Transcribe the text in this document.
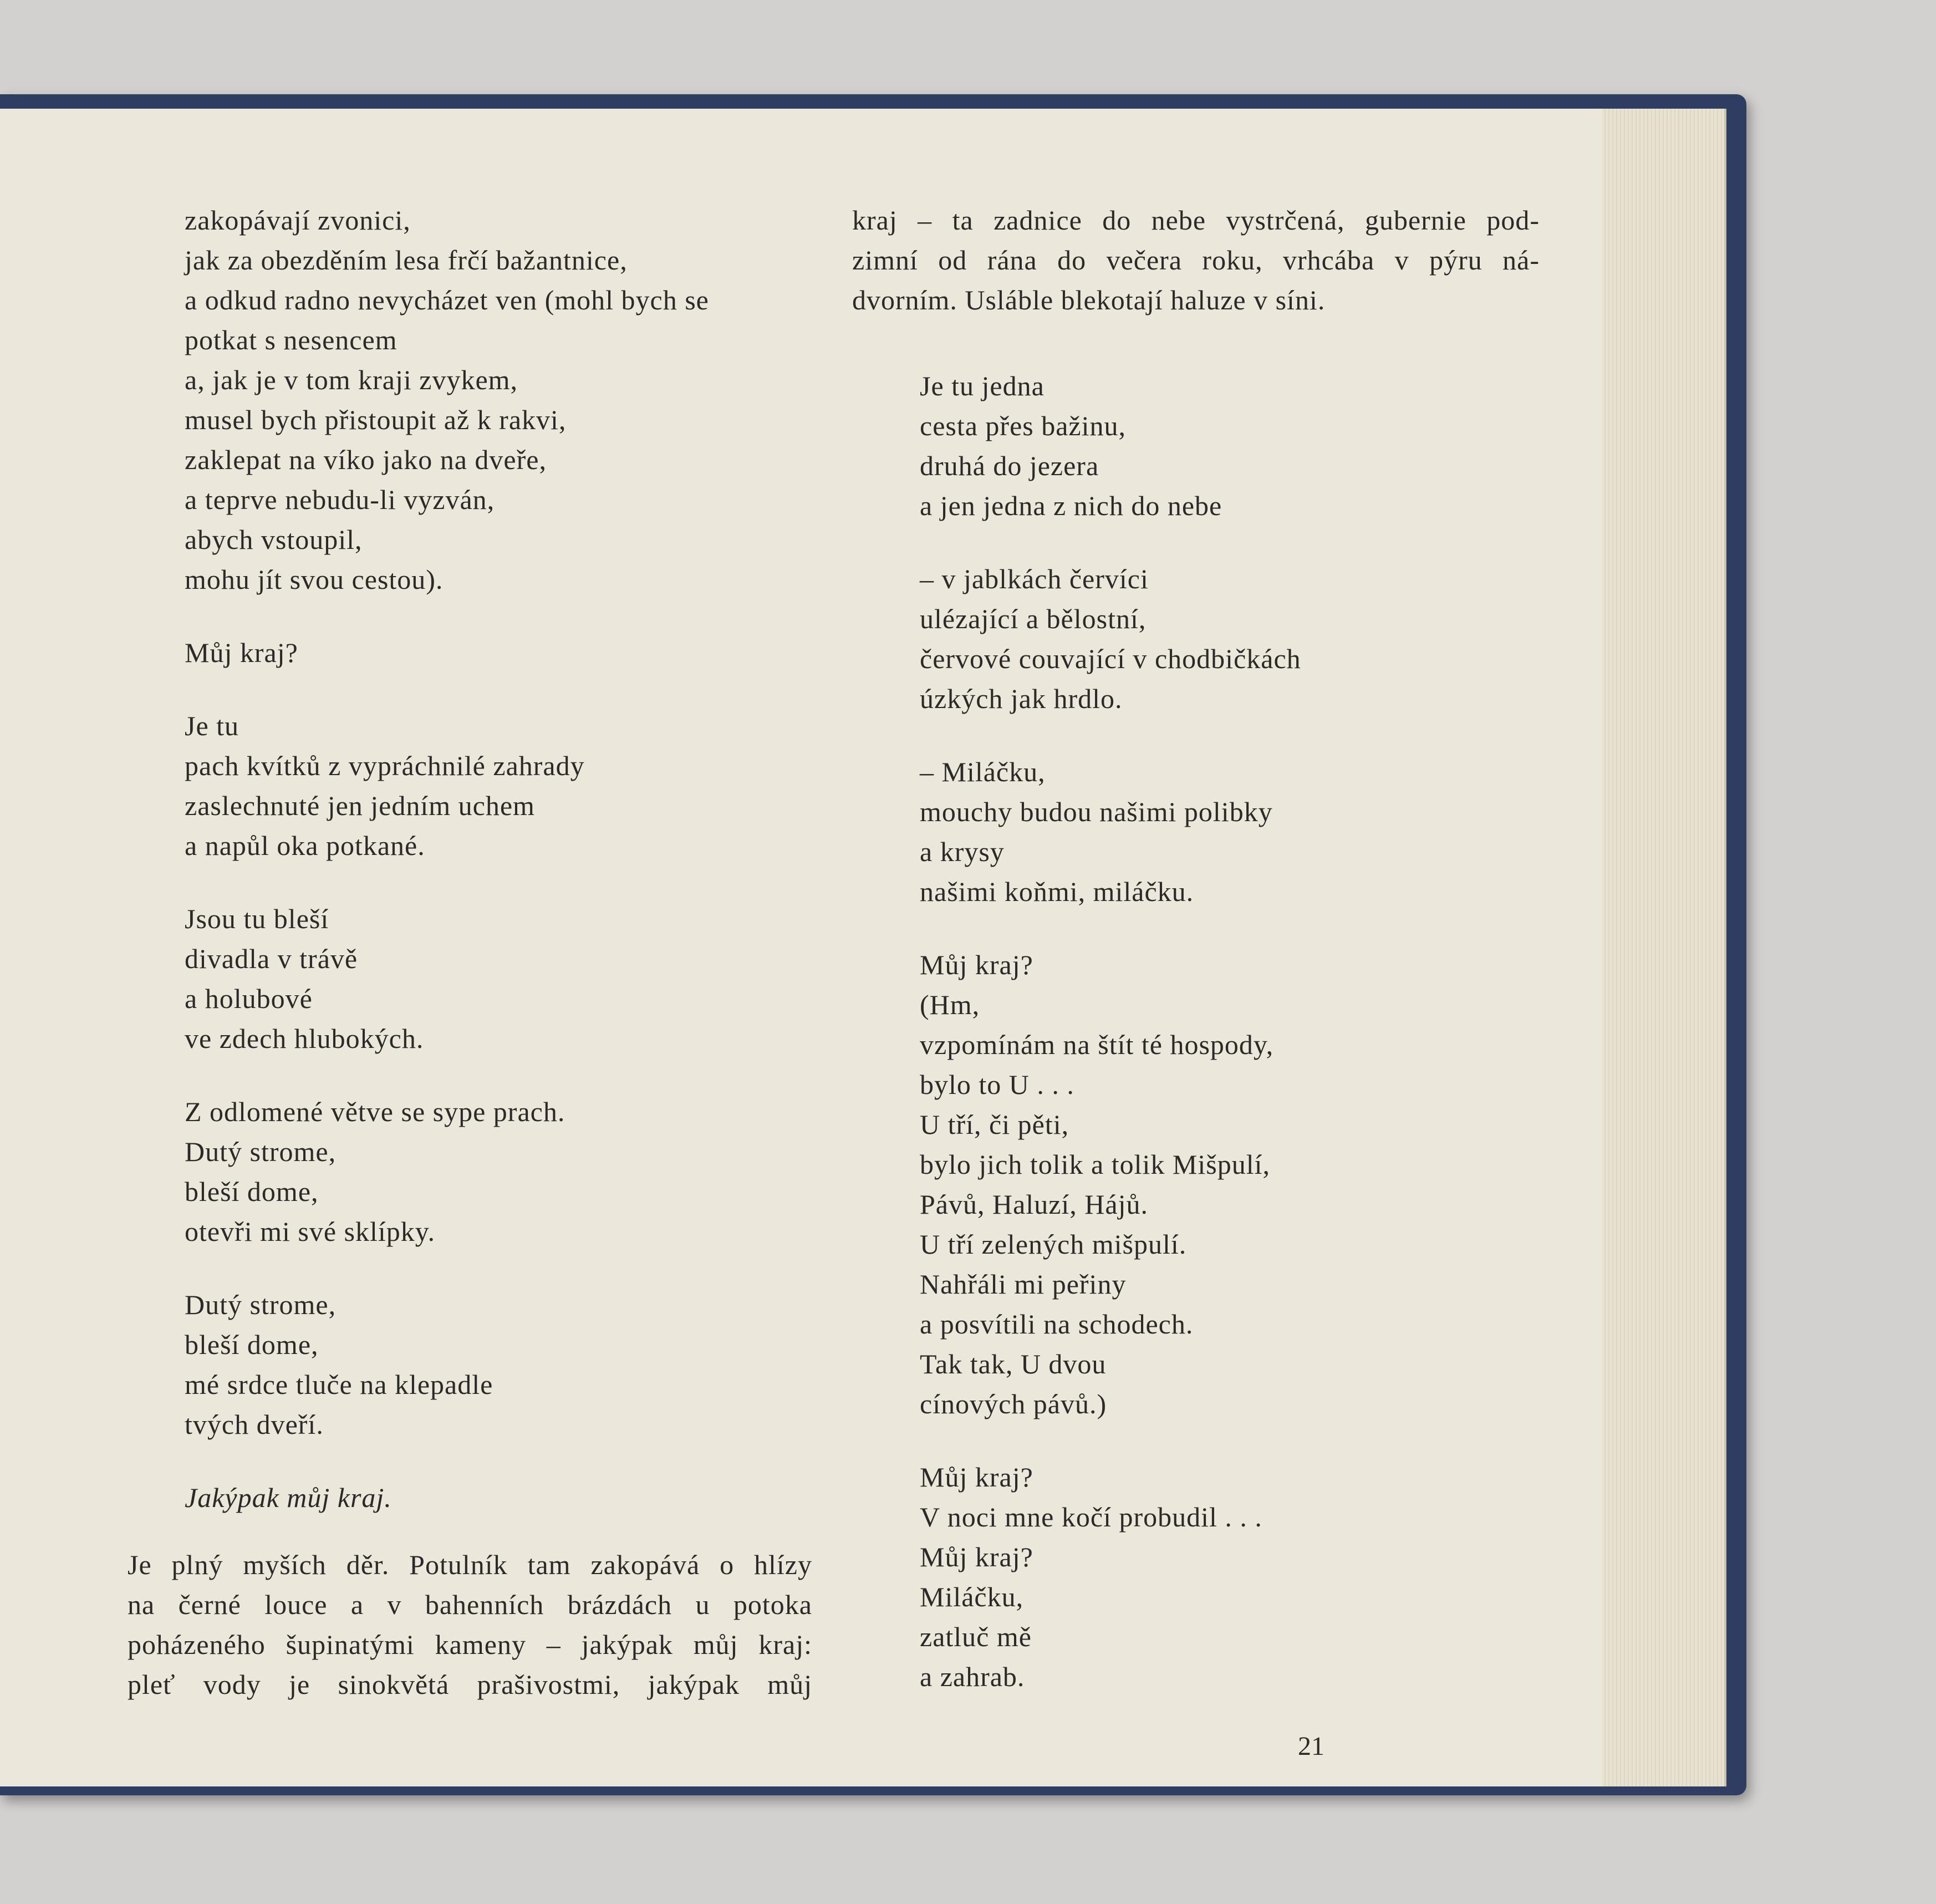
zakopávají zvonici,
jak za obezděním lesa frčí bažantnice,
a odkud radno nevycházet ven (mohl bych se
potkat s nesencem
a, jak je v tom kraji zvykem,
musel bych přistoupit až k rakvi,
zaklepat na víko jako na dveře,
a teprve nebudu-li vyzván,
abych vstoupil,
mohu jít svou cestou).
Můj kraj?
Je tu
pach kvítků z vypráchnilé zahrady
zaslechnuté jen jedním uchem
a napůl oka potkané.
Jsou tu bleší
divadla v trávě
a holubové
ve zdech hlubokých.
Z odlomené větve se sype prach.
Dutý strome,
bleší dome,
otevři mi své sklípky.
Dutý strome,
bleší dome,
mé srdce tluče na klepadle
tvých dveří.
Jakýpak můj kraj.
Je plný myších děr. Potulník tam zakopává o hlízy
na černé louce a v bahenních brázdách u potoka
poházeného šupinatými kameny – jakýpak můj kraj:
pleť vody je sinokvětá prašivostmi, jakýpak můj
kraj – ta zadnice do nebe vystrčená, gubernie pod-
zimní od rána do večera roku, vrhcába v pýru ná-
dvorním. Usláble blekotají haluze v síni.
Je tu jedna
cesta přes bažinu,
druhá do jezera
a jen jedna z nich do nebe
– v jablkách červíci
ulézající a bělostní,
červové couvající v chodbičkách
úzkých jak hrdlo.
– Miláčku,
mouchy budou našimi polibky
a krysy
našimi koňmi, miláčku.
Můj kraj?
(Hm,
vzpomínám na štít té hospody,
bylo to U . . .
U tří, či pěti,
bylo jich tolik a tolik Mišpulí,
Pávů, Haluzí, Hájů.
U tří zelených mišpulí.
Nahřáli mi peřiny
a posvítili na schodech.
Tak tak, U dvou
cínových pávů.)
Můj kraj?
V noci mne kočí probudil . . .
Můj kraj?
Miláčku,
zatluč mě
a zahrab.
21
